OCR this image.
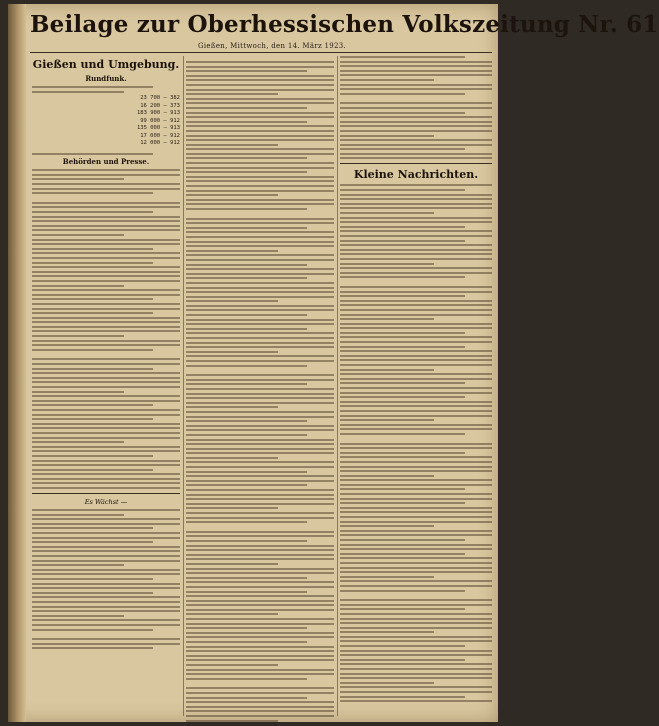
Beilage zur Oberhessischen Volkszeitung Nr. 61
Gießen, Mittwoch, den 14. März 1923.
Gießen und Umgebung.
Rundfunk.
23 700 — 382
16 200 — 373
183 900 — 913
99 000 — 912
135 000 — 913
17 000 — 912
12 000 — 912
Behörden und Presse.
Es Wächst —
Kleine Nachrichten.
